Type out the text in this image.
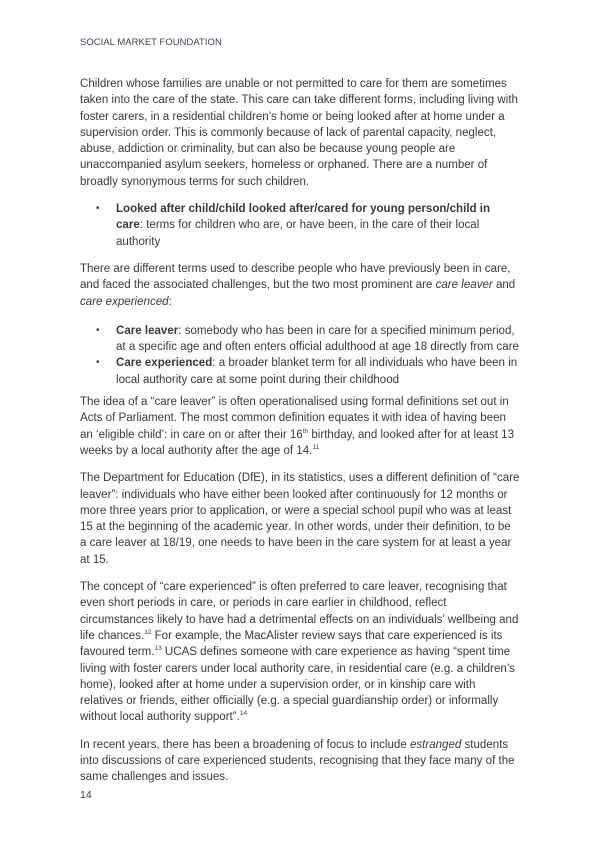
SOCIAL MARKET FOUNDATION

Children whose families are unable or not permitted to care for them are sometimes taken into the care of the state. This care can take different forms, including living with foster carers, in a residential children’s home or being looked after at home under a supervision order. This is commonly because of lack of parental capacity, neglect, abuse, addiction or criminality, but can also be because young people are unaccompanied asylum seekers, homeless or orphaned. There are a number of broadly synonymous terms for such children.

• Looked after child/child looked after/cared for young person/child in care: terms for children who are, or have been, in the care of their local authority

There are different terms used to describe people who have previously been in care, and faced the associated challenges, but the two most prominent are care leaver and care experienced:

• Care leaver: somebody who has been in care for a specified minimum period, at a specific age and often enters official adulthood at age 18 directly from care
• Care experienced: a broader blanket term for all individuals who have been in local authority care at some point during their childhood

The idea of a “care leaver” is often operationalised using formal definitions set out in Acts of Parliament. The most common definition equates it with idea of having been an ‘eligible child’: in care on or after their 16th birthday, and looked after for at least 13 weeks by a local authority after the age of 14.11

The Department for Education (DfE), in its statistics, uses a different definition of “care leaver”: individuals who have either been looked after continuously for 12 months or more three years prior to application, or were a special school pupil who was at least 15 at the beginning of the academic year. In other words, under their definition, to be a care leaver at 18/19, one needs to have been in the care system for at least a year at 15.

The concept of “care experienced” is often preferred to care leaver, recognising that even short periods in care, or periods in care earlier in childhood, reflect circumstances likely to have had a detrimental effects on an individuals’ wellbeing and life chances.$^{12}$ For example, the MacAlister review says that care experienced is its favoured term.$^{13}$ UCAS defines someone with care experience as having “spent time living with foster carers under local authority care, in residential care (e.g. a children’s home), looked after at home under a supervision order, or in kinship care with relatives or friends, either officially (e.g. a special guardianship order) or informally without local authority support”.$^{14}$

In recent years, there has been a broadening of focus to include estranged students into discussions of care experienced students, recognising that they face many of the same challenges and issues.

14
